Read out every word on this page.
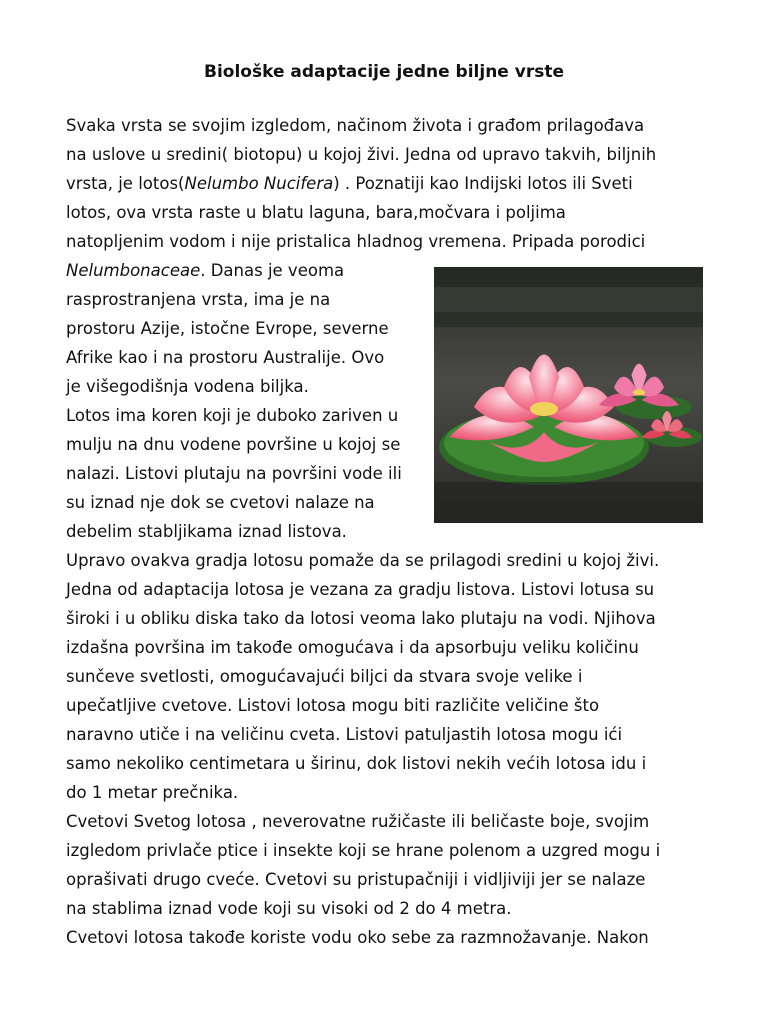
Biološke adaptacije jedne biljne vrste
Svaka vrsta se svojim izgledom, načinom života i građom prilagođava
na uslove u sredini( biotopu) u kojoj živi. Jedna od upravo takvih, biljnih
vrsta, je lotos(Nelumbo Nucifera) . Poznatiji kao Indijski lotos ili Sveti
lotos, ova vrsta raste u blatu laguna, bara,močvara i poljima
natopljenim vodom i nije pristalica hladnog vremena. Pripada porodici
Nelumbonaceae. Danas je veoma
rasprostranjena vrsta, ima je na
prostoru Azije, istočne Evrope, severne
Afrike kao i na prostoru Australije. Ovo
je višegodišnja vodena biljka.
Lotos ima koren koji je duboko zariven u
mulju na dnu vodene površine u kojoj se
nalazi. Listovi plutaju na površini vode ili
su iznad nje dok se cvetovi nalaze na
debelim stabljikama iznad listova.
Upravo ovakva gradja lotosu pomaže da se prilagodi sredini u kojoj živi.
Jedna od adaptacija lotosa je vezana za gradju listova. Listovi lotusa su
široki i u obliku diska tako da lotosi veoma lako plutaju na vodi. Njihova
izdašna površina im takođe omogućava i da apsorbuju veliku količinu
sunčeve svetlosti, omogućavajući biljci da stvara svoje velike i
upečatljive cvetove. Listovi lotosa mogu biti različite veličine što
naravno utiče i na veličinu cveta. Listovi patuljastih lotosa mogu ići
samo nekoliko centimetara u širinu, dok listovi nekih većih lotosa idu i
do 1 metar prečnika.
Cvetovi Svetog lotosa , neverovatne ružičaste ili beličaste boje, svojim
izgledom privlače ptice i insekte koji se hrane polenom a uzgred mogu i
oprašivati drugo cveće. Cvetovi su pristupačniji i vidljiviji jer se nalaze
na stablima iznad vode koji su visoki od 2 do 4 metra.
Cvetovi lotosa takođe koriste vodu oko sebe za razmnožavanje. Nakon
